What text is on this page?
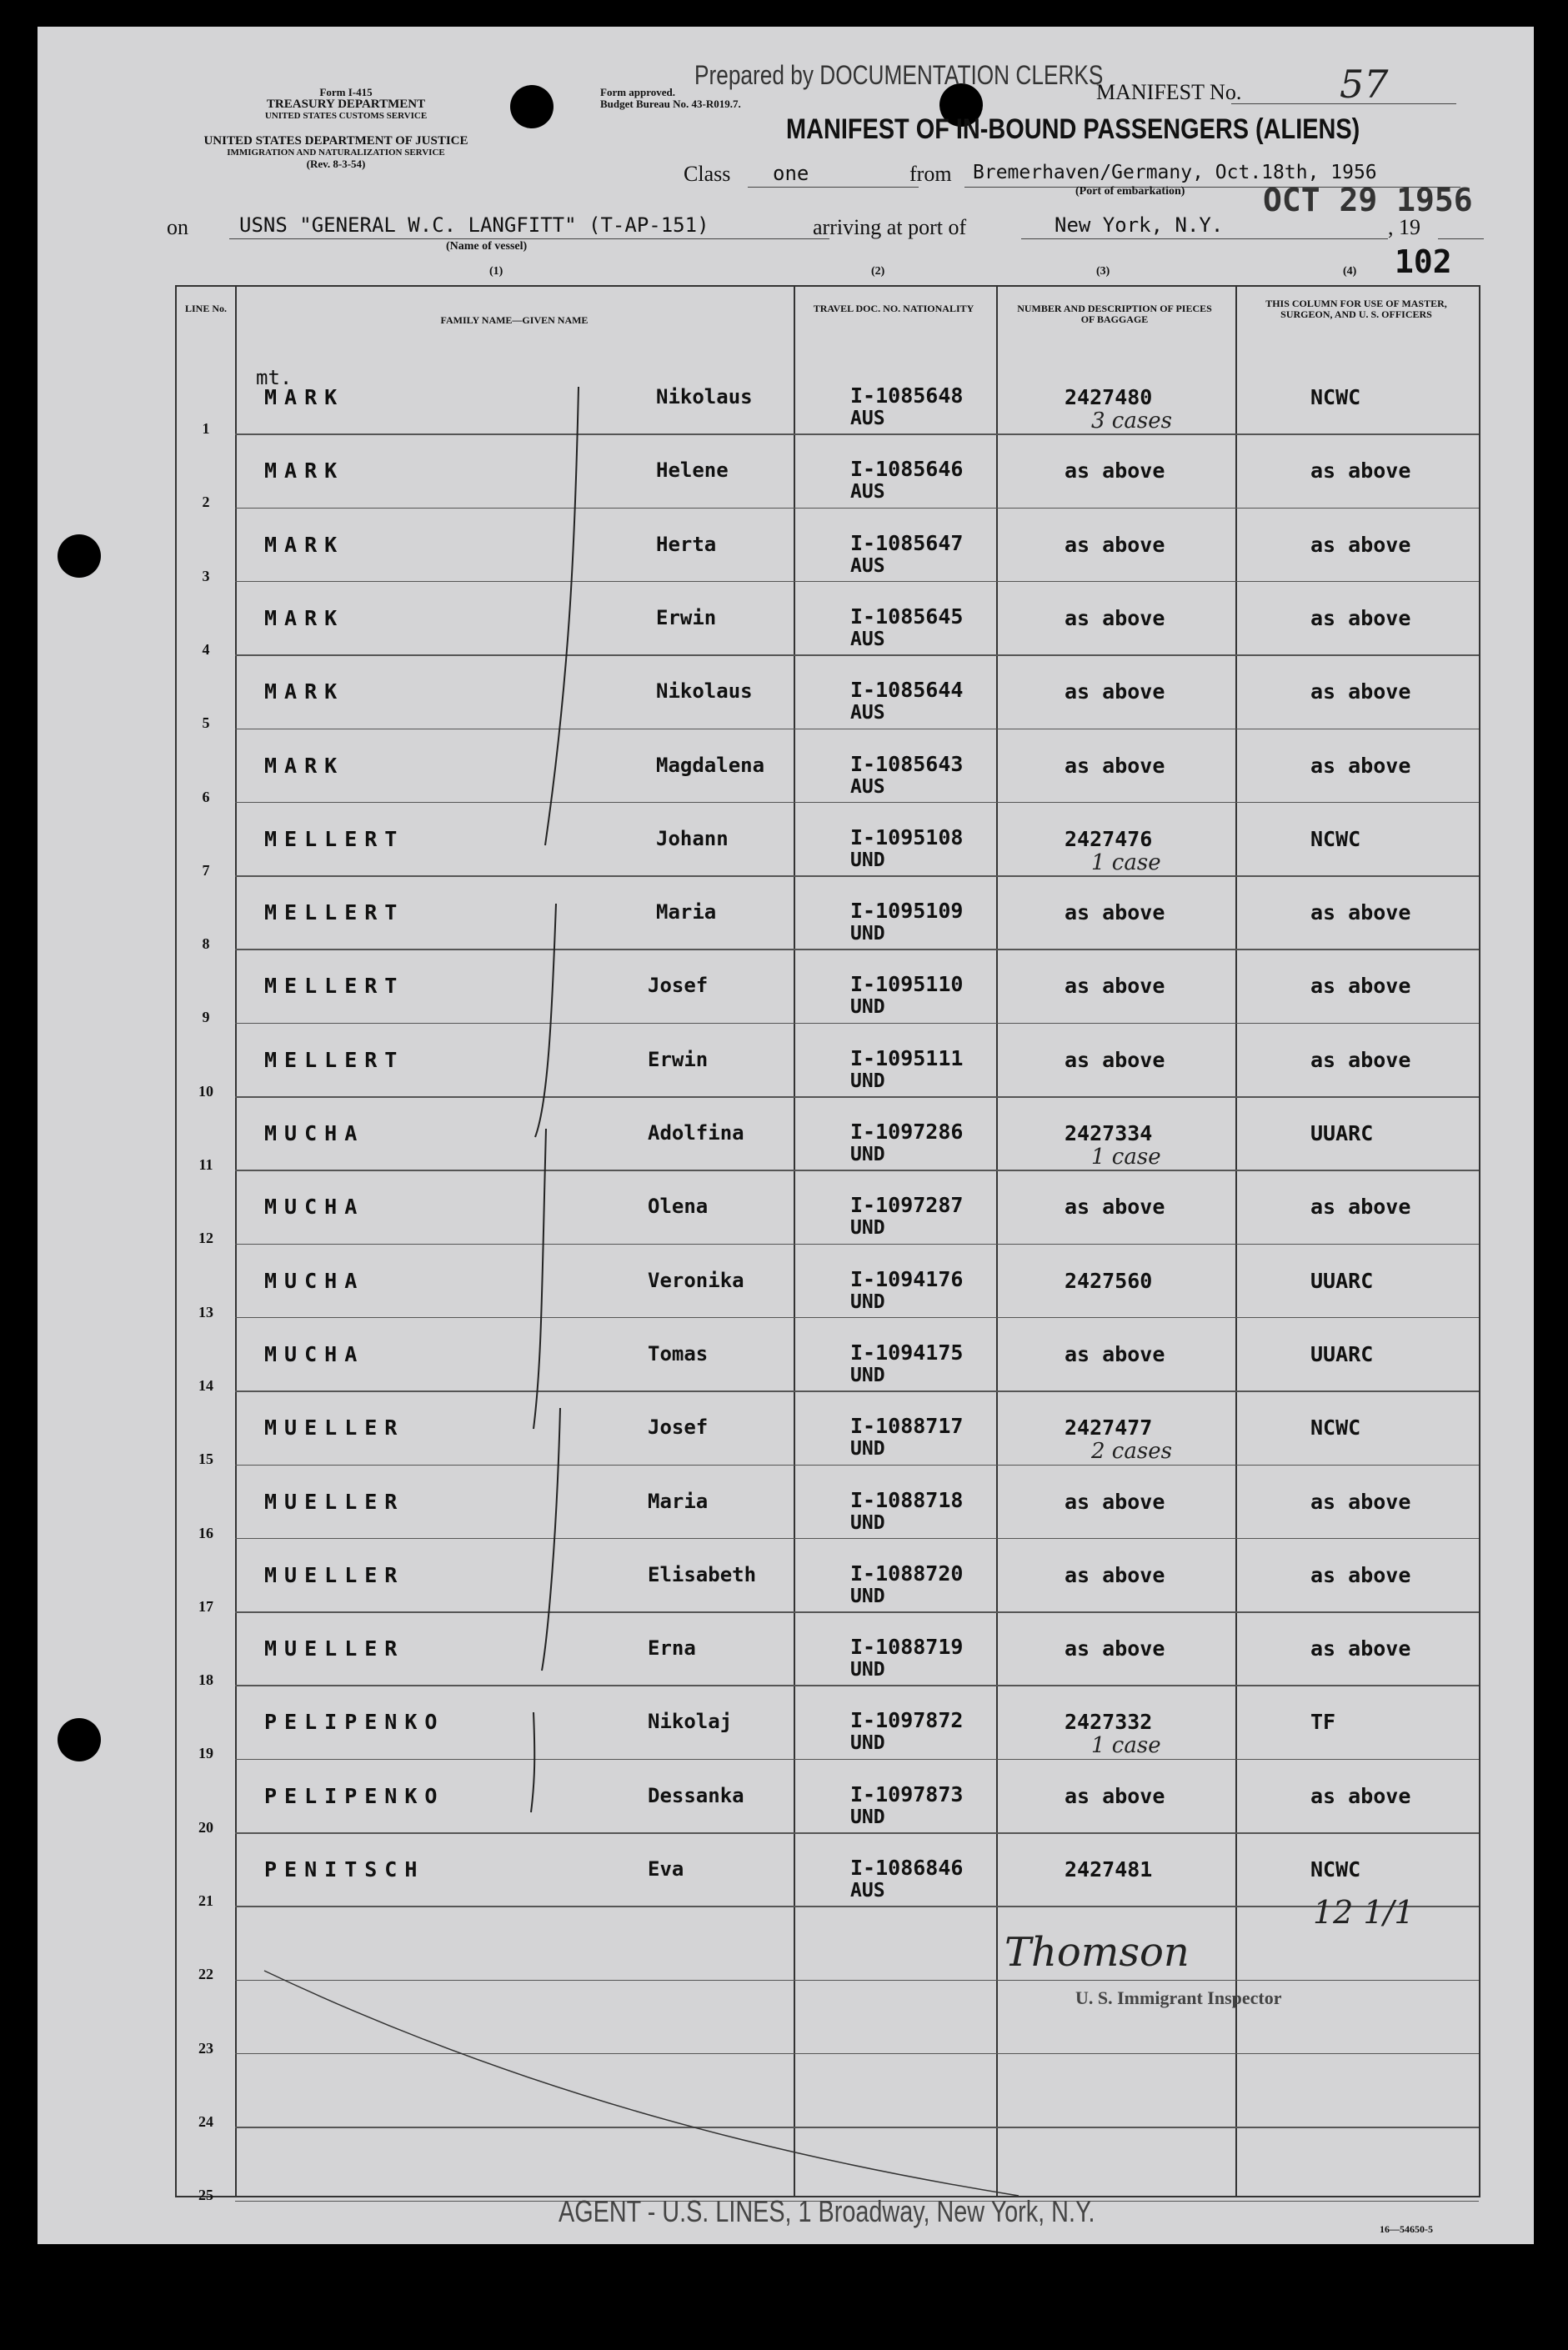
Form I-415
TREASURY DEPARTMENT
UNITED STATES CUSTOMS SERVICE
Form approved.
Budget Bureau No. 43-R019.7.
UNITED STATES DEPARTMENT OF JUSTICE
IMMIGRATION AND NATURALIZATION SERVICE
(Rev. 8-3-54)
Prepared by DOCUMENTATION CLERKS
MANIFEST No.	57
MANIFEST OF IN-BOUND PASSENGERS (ALIENS)
Class one	from Bremerhaven/Germany, Oct.18th, 1956
(Port of embarkation) OCT 29 1956
on	USNS "GENERAL W.C. LANGFITT" (T-AP-151)
(Name of vessel)
arriving at port of	New York, N.Y.	, 19
102
(1)	(2)	(3)	(4)
LINE No.
FAMILY NAME—GIVEN NAME
TRAVEL DOC. NO. NATIONALITY	NUMBER AND DESCRIPTION OF PIECES OF BAGGAGE
THIS COLUMN FOR USE OF MASTER, SURGEON, AND U. S. OFFICERS
mt.
1
MARK	Nikolaus	I-1085648
AUS
2427480
3 cases
NCWC
2
MARK	Helene	I-1085646
AUS
as above	as above
3
MARK	Herta	I-1085647
AUS
as above	as above
4
MARK	Erwin	I-1085645
AUS
as above	as above
5
MARK	Nikolaus	I-1085644
AUS
as above	as above
6
MARK	Magdalena	I-1085643
AUS
as above	as above
7
MELLERT	Johann	I-1095108
UND
2427476
1 case
NCWC
8
MELLERT	Maria	I-1095109
UND
as above	as above
9
MELLERT	Josef	I-1095110
UND
as above	as above
10
MELLERT	Erwin	I-1095111
UND
as above	as above
11
MUCHA	Adolfina	I-1097286
UND
2427334
1 case
UUARC
12
MUCHA	Olena	I-1097287
UND
as above	as above
13
MUCHA	Veronika	I-1094176
UND
2427560	UUARC
14
MUCHA	Tomas	I-1094175
UND
as above	UUARC
15
MUELLER	Josef	I-1088717
UND
2427477
2 cases
NCWC
16
MUELLER	Maria	I-1088718
UND
as above	as above
17
MUELLER	Elisabeth	I-1088720
UND
as above	as above
18
MUELLER	Erna	I-1088719
UND
as above	as above
19
PELIPENKO	Nikolaj	I-1097872
UND
2427332
1 case
TF
20
PELIPENKO	Dessanka	I-1097873
UND
as above	as above
21
PENITSCH	Eva	I-1086846
AUS
2427481	NCWC
22
23
24
25
12 1/1
Thomson
U. S. Immigrant Inspector
AGENT - U.S. LINES, 1 Broadway, New York, N.Y.
16—54650-5
